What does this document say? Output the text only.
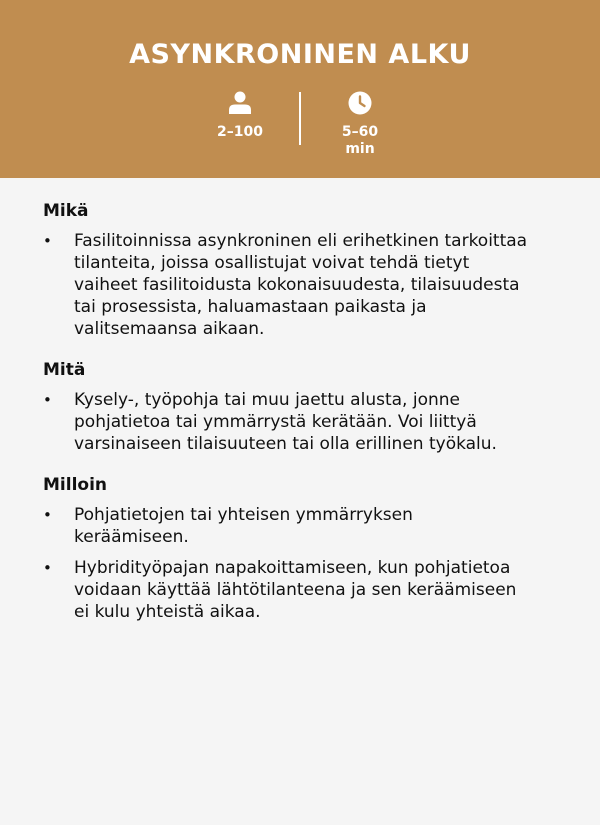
ASYNKRONINEN ALKU
2–100	5–60
min
Mikä
•	Fasilitoinnissa asynkroninen eli erihetkinen tarkoittaa tilanteita, joissa osallistujat voivat tehdä tietyt vaiheet fasilitoidusta kokonaisuudesta, tilaisuudesta tai prosessista, haluamastaan paikasta ja valitsemaansa aikaan.
Mitä
•	Kysely-, työpohja tai muu jaettu alusta, jonne pohjatietoa tai ymmärrystä kerätään. Voi liittyä varsinaiseen tilaisuuteen tai olla erillinen työkalu.
Milloin
•	Pohjatietojen tai yhteisen ymmärryksen keräämiseen.
•	Hybridityöpajan napakoittamiseen, kun pohjatietoa voidaan käyttää lähtötilanteena ja sen keräämiseen ei kulu yhteistä aikaa.
